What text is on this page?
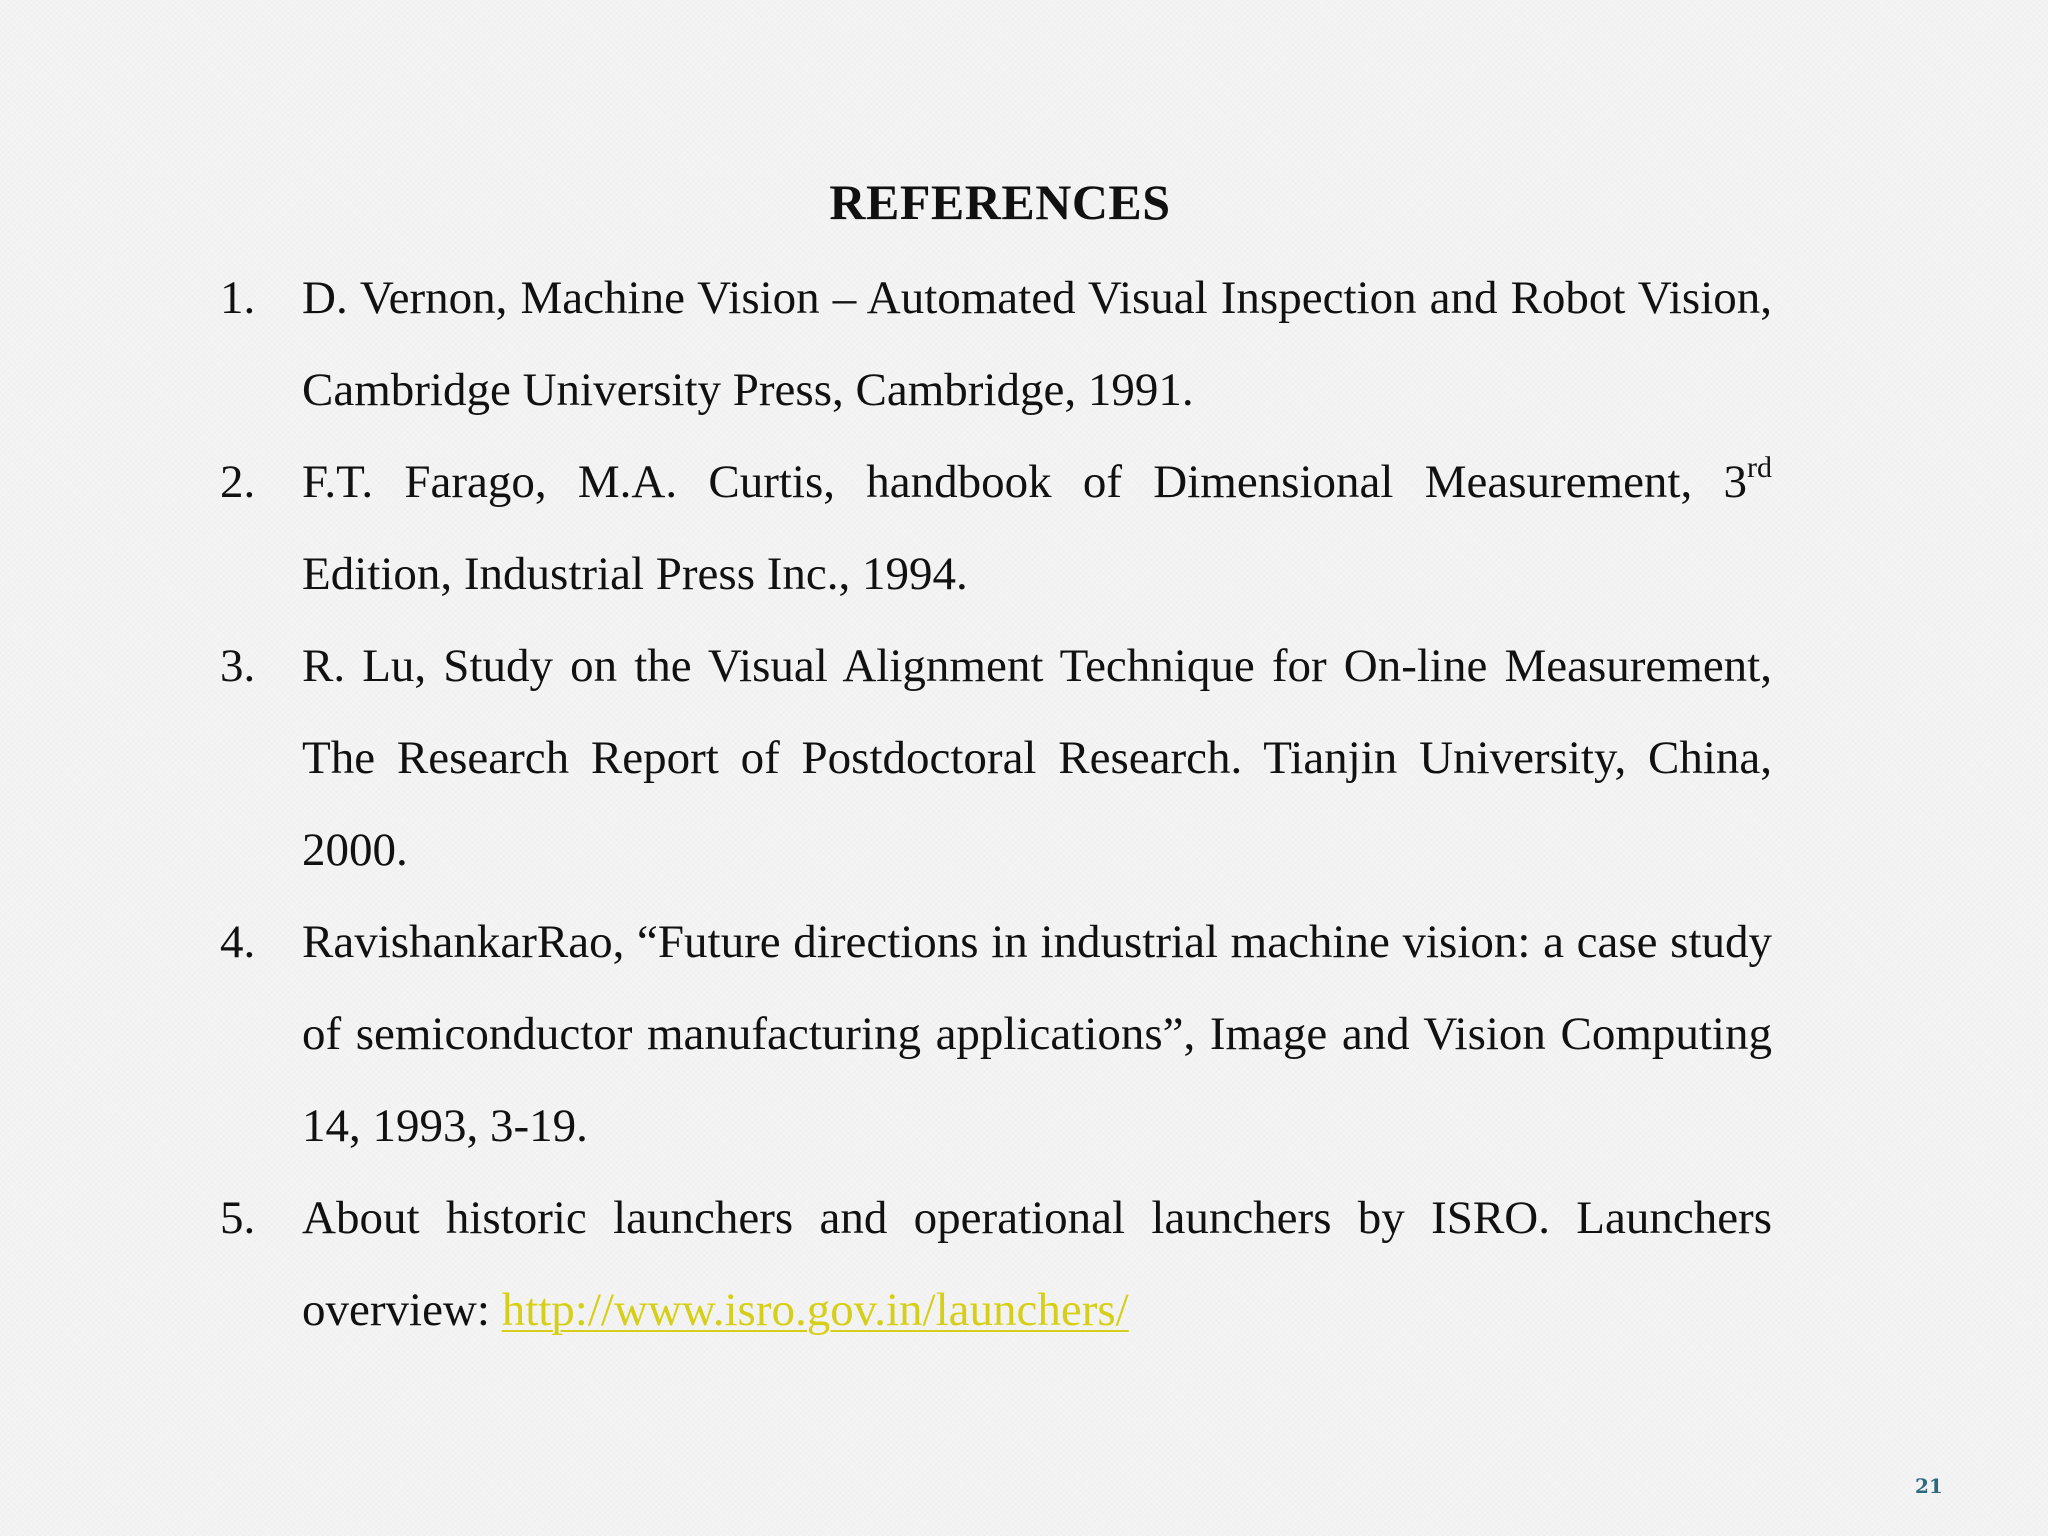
REFERENCES
1. D. Vernon, Machine Vision – Automated Visual Inspection and Robot Vision, Cambridge University Press, Cambridge, 1991.
2. F.T. Farago, M.A. Curtis, handbook of Dimensional Measurement, 3rd Edition, Industrial Press Inc., 1994.
3. R. Lu, Study on the Visual Alignment Technique for On-line Measurement, The Research Report of Postdoctoral Research. Tianjin University, China, 2000.
4. RavishankarRao, “Future directions in industrial machine vision: a case study of semiconductor manufacturing applications”, Image and Vision Computing 14, 1993, 3-19.
5. About historic launchers and operational launchers by ISRO. Launchers overview: http://www.isro.gov.in/launchers/
21
